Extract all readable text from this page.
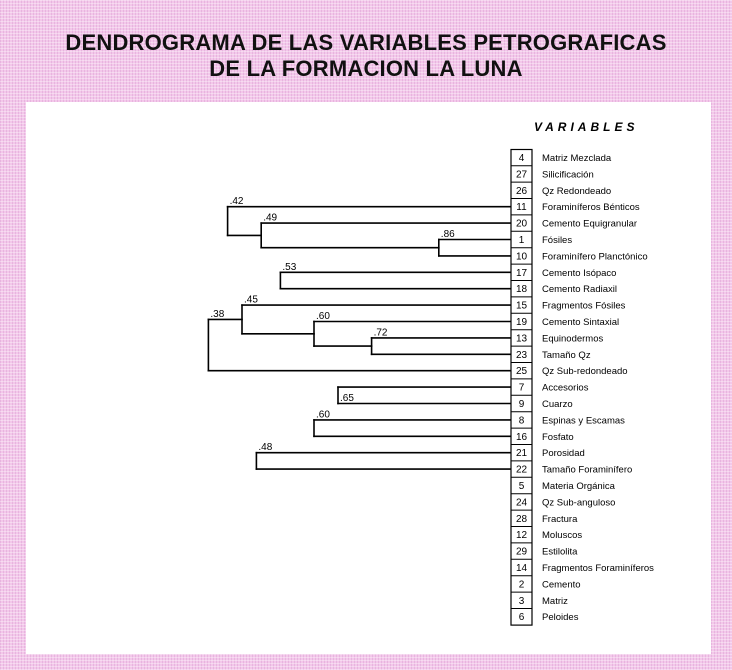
DENDROGRAMA DE LAS VARIABLES PETROGRAFICAS
DE LA FORMACION LA LUNA
VARIABLES
4
27
26
11
20
1
10
17
18
15
19
13
23
25
7
9
8
16
21
22
5
24
28
12
29
14
2
3
6
Matriz Mezclada
Silicificación
Qz Redondeado
Foraminíferos Bénticos
Cemento Equigranular
Fósiles
Foraminífero Planctónico
Cemento Isópaco
Cemento Radiaxil
Fragmentos Fósiles
Cemento Sintaxial
Equinodermos
Tamaño Qz
Qz Sub-redondeado
Accesorios
Cuarzo
Espinas y Escamas
Fosfato
Porosidad
Tamaño Foraminífero
Materia Orgánica
Qz Sub-anguloso
Fractura
Moluscos
Estilolita
Fragmentos Foraminíferos
Cemento
Matriz
Peloides
.86
.65
.72
.60
.60
.53
.49
.48
.45
.42
.38
